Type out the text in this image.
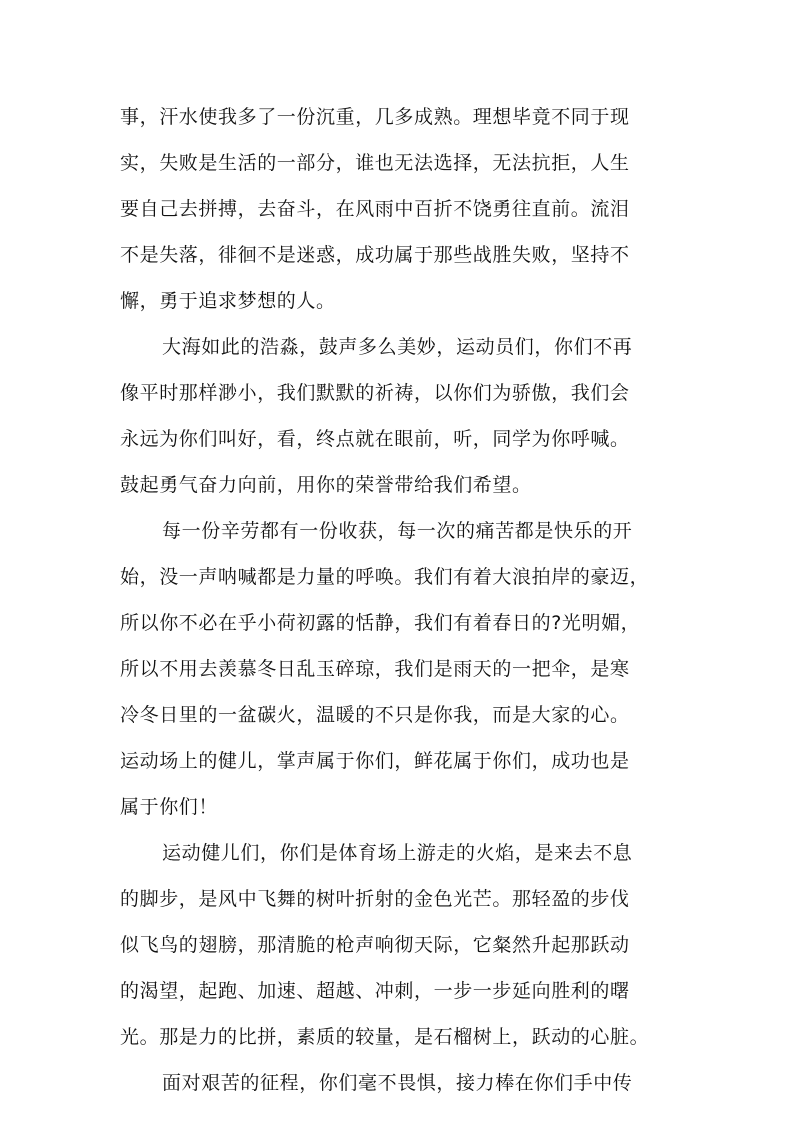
事，汗水使我多了一份沉重，几多成熟。理想毕竟不同于现
实，失败是生活的一部分，谁也无法选择，无法抗拒，人生
要自己去拼搏，去奋斗，在风雨中百折不饶勇往直前。流泪
不是失落，徘徊不是迷惑，成功属于那些战胜失败，坚持不
懈，勇于追求梦想的人。
大海如此的浩淼，鼓声多么美妙，运动员们，你们不再
像平时那样渺小，我们默默的祈祷，以你们为骄傲，我们会
永远为你们叫好，看，终点就在眼前，听，同学为你呼喊。
鼓起勇气奋力向前，用你的荣誉带给我们希望。
每一份辛劳都有一份收获，每一次的痛苦都是快乐的开
始，没一声呐喊都是力量的呼唤。我们有着大浪拍岸的豪迈，
所以你不必在乎小荷初露的恬静，我们有着春日的?光明媚，
所以不用去羡慕冬日乱玉碎琼，我们是雨天的一把伞，是寒
冷冬日里的一盆碳火，温暖的不只是你我，而是大家的心。
运动场上的健儿，掌声属于你们，鲜花属于你们，成功也是
属于你们！
运动健儿们，你们是体育场上游走的火焰，是来去不息
的脚步，是风中飞舞的树叶折射的金色光芒。那轻盈的步伐
似飞鸟的翅膀，那清脆的枪声响彻天际，它粲然升起那跃动
的渴望，起跑、加速、超越、冲刺，一步一步延向胜利的曙
光。那是力的比拼，素质的较量，是石榴树上，跃动的心脏。
面对艰苦的征程，你们毫不畏惧，接力棒在你们手中传
